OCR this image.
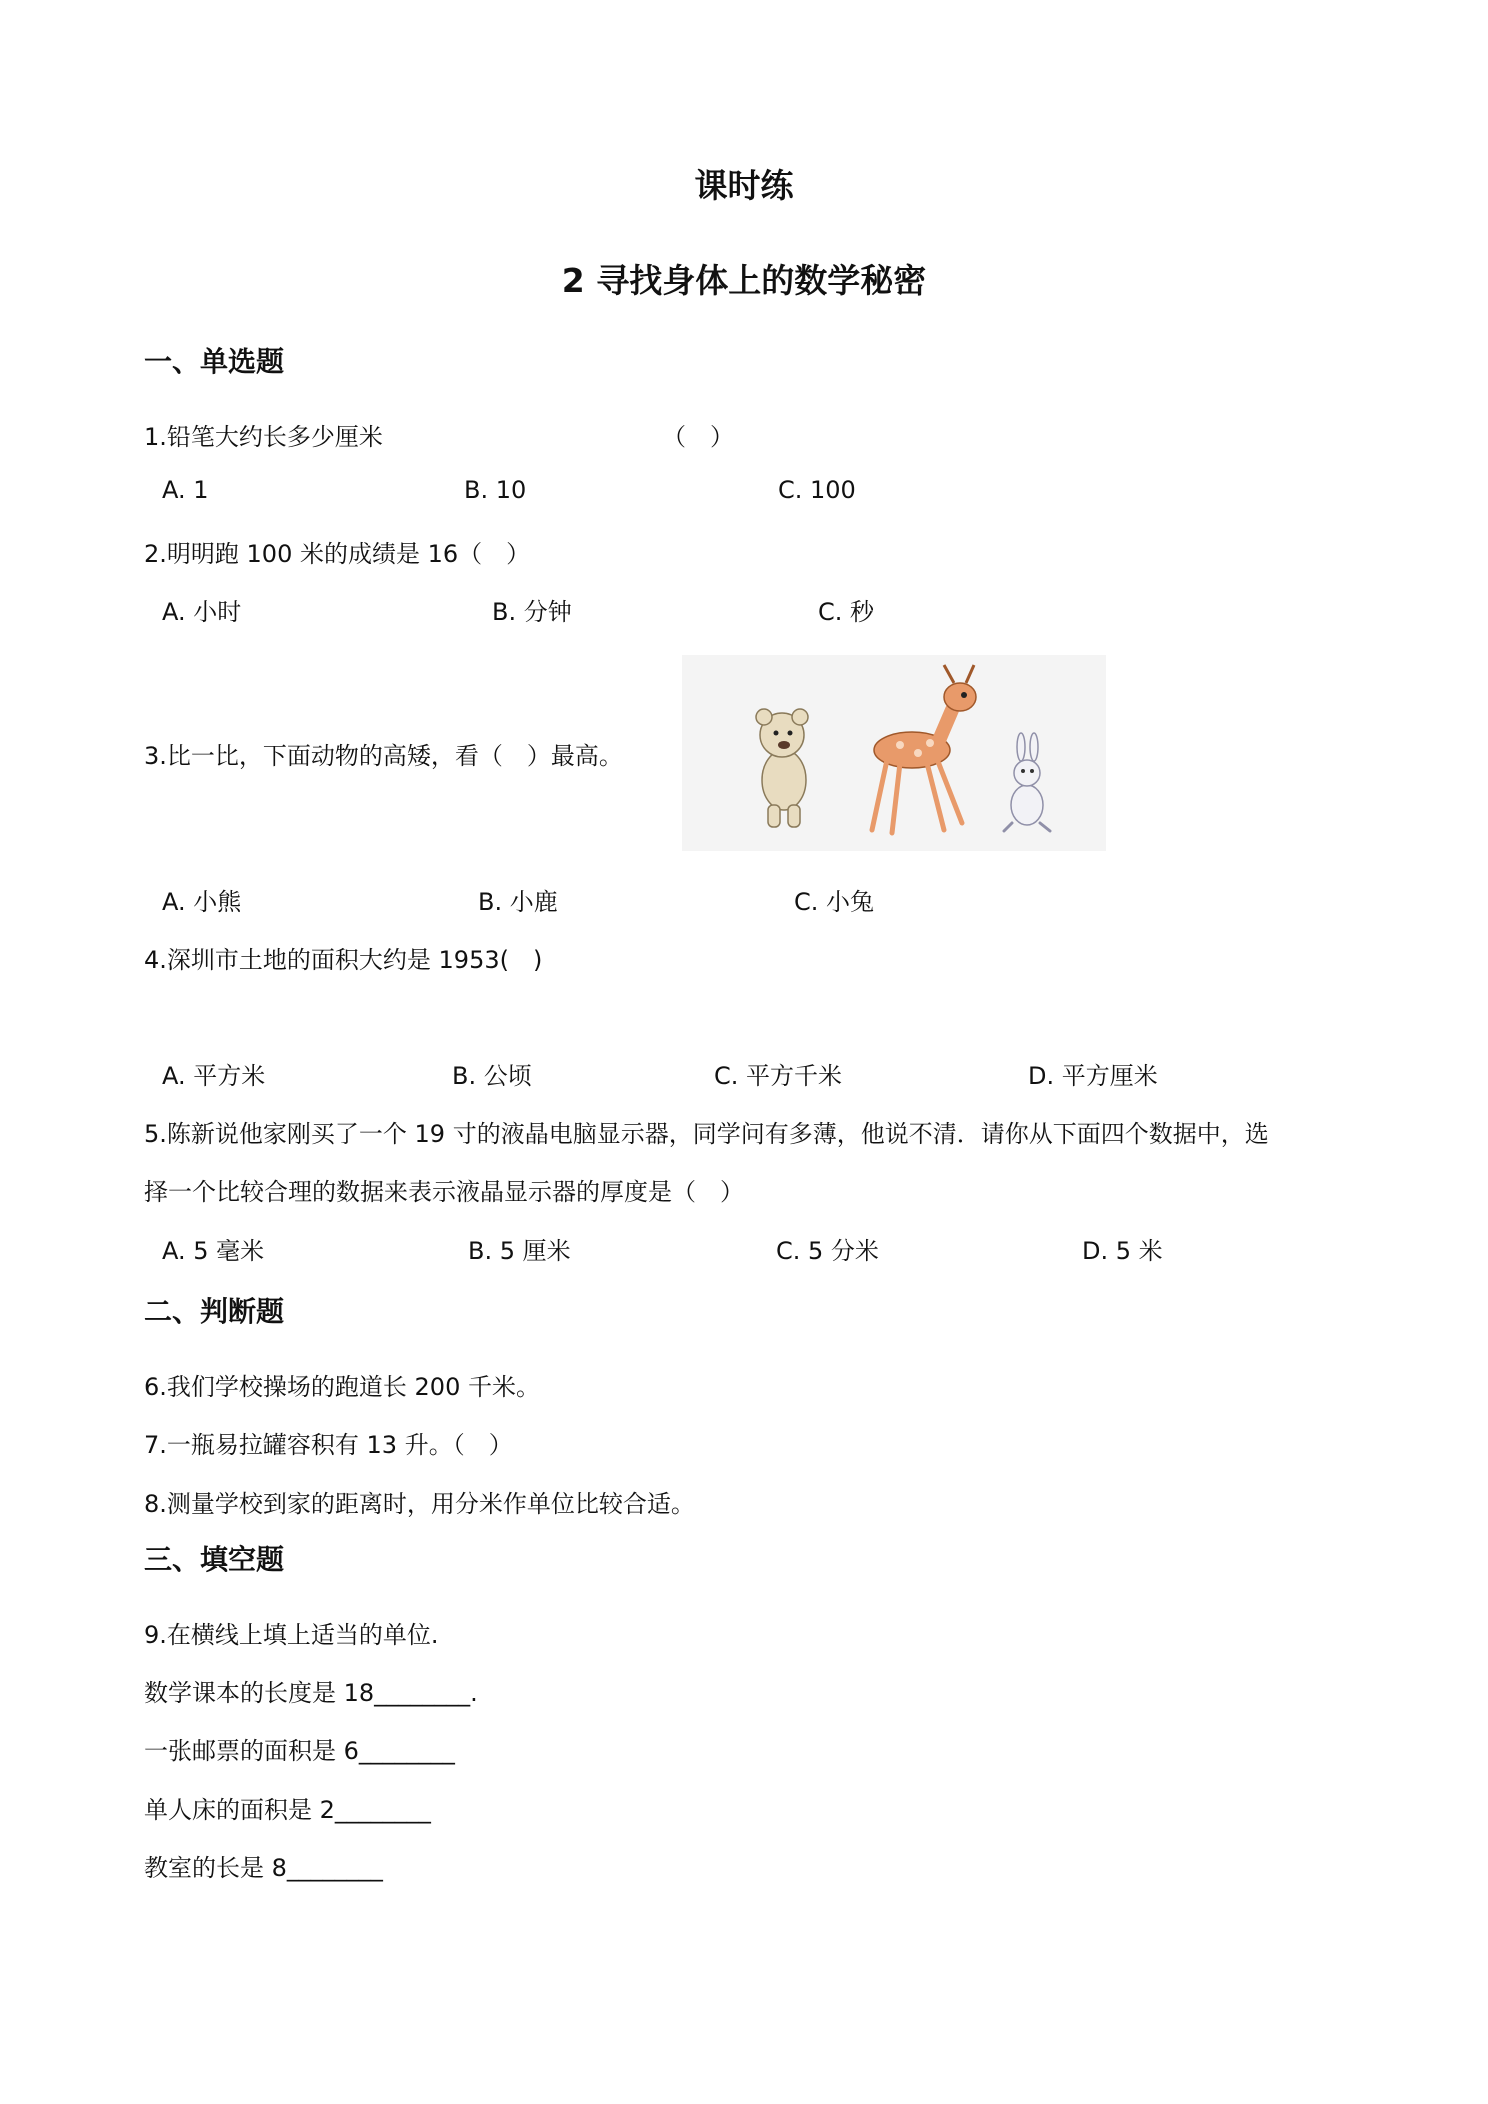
课时练
2 寻找身体上的数学秘密
一、单选题
1.铅笔大约长多少厘米	（　）
A. 1	B. 10	C. 100
2.明明跑 100 米的成绩是 16（　）
A. 小时	B. 分钟	C. 秒
3.比一比，下面动物的高矮，看（　）最高。
A. 小熊	B. 小鹿	C. 小兔
4.深圳市土地的面积大约是 1953(　)
A. 平方米	B. 公顷	C. 平方千米	D. 平方厘米
5.陈新说他家刚买了一个 19 寸的液晶电脑显示器，同学问有多薄，他说不清．请你从下面四个数据中，选
择一个比较合理的数据来表示液晶显示器的厚度是（　）
A. 5 毫米	B. 5 厘米	C. 5 分米	D. 5 米
二、判断题
6.我们学校操场的跑道长 200 千米。
7.一瓶易拉罐容积有 13 升。（　）
8.测量学校到家的距离时，用分米作单位比较合适。
三、填空题
9.在横线上填上适当的单位.
数学课本的长度是 18________.
一张邮票的面积是 6________
单人床的面积是 2________
教室的长是 8________
